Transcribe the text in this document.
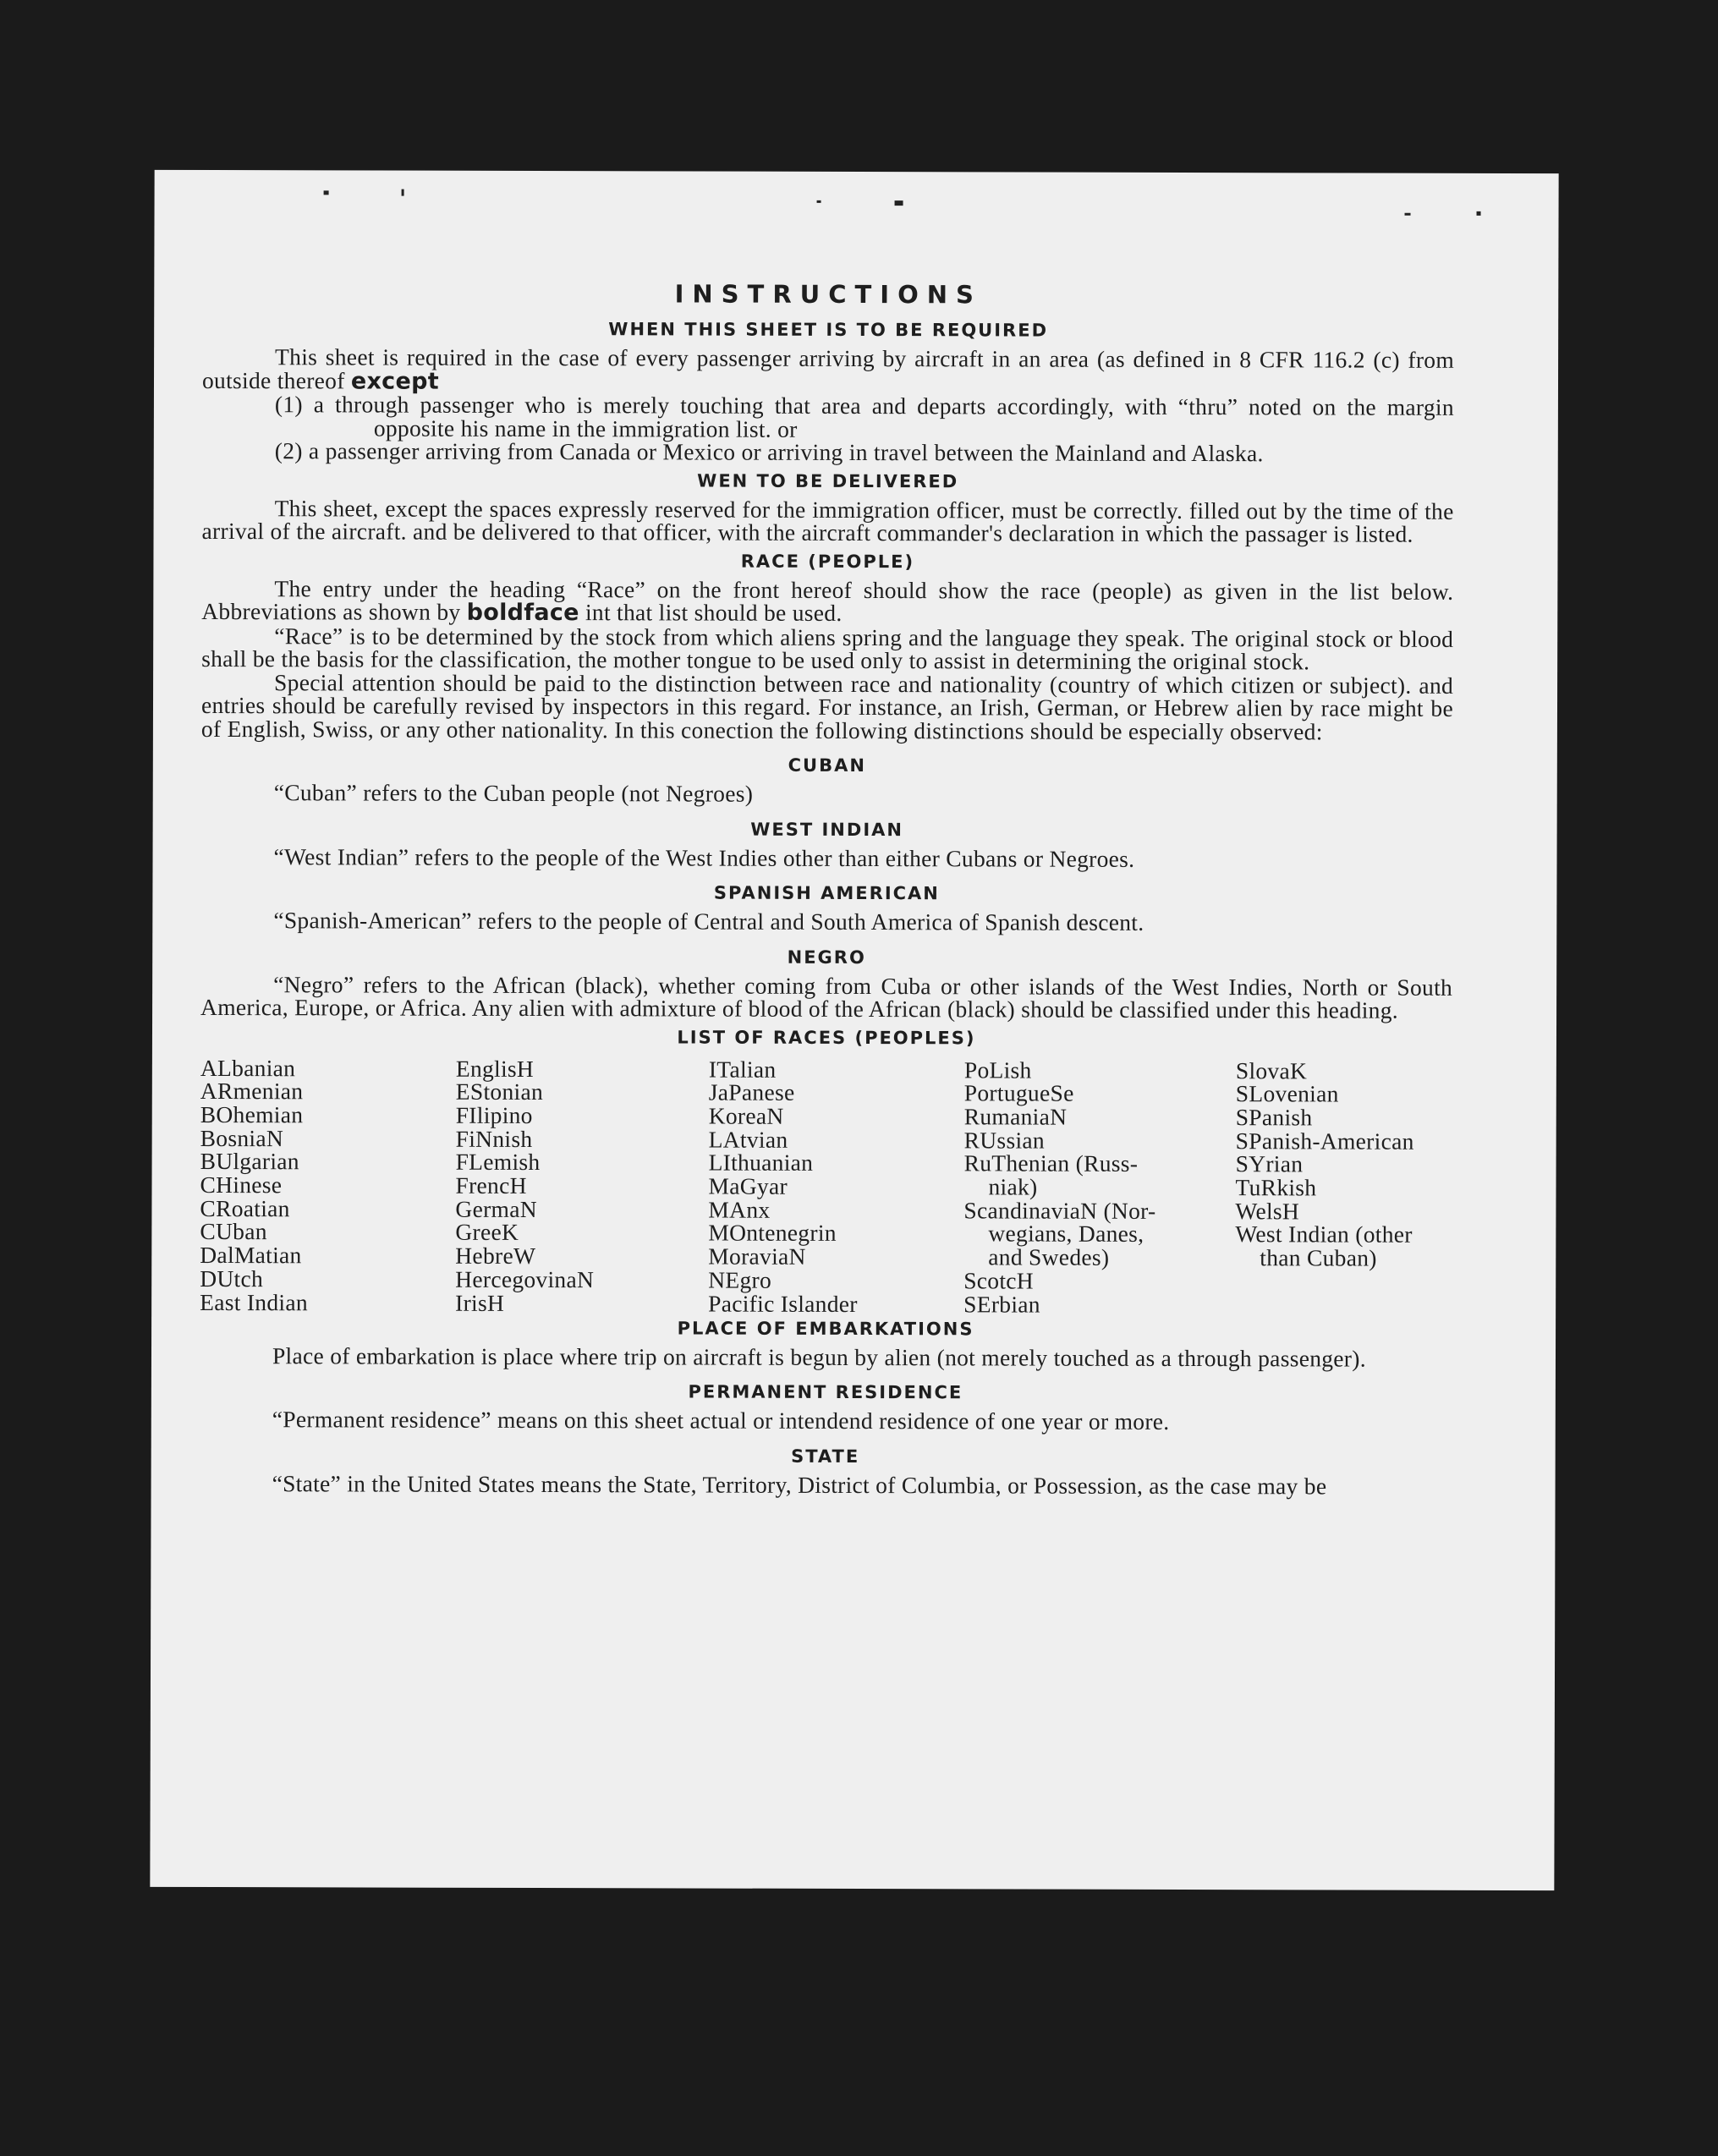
INSTRUCTIONS
WHEN THIS SHEET IS TO BE REQUIRED

This sheet is required in the case of every passenger arriving by aircraft in an area (as defined in 8 CFR 116.2 (c) from outside thereof except

(1) a through passenger who is merely touching that area and departs accordingly, with “thru” noted on the margin opposite his name in the immigration list. or

(2) a passenger arriving from Canada or Mexico or arriving in travel between the Mainland and Alaska.

WEN TO BE DELIVERED

This sheet, except the spaces expressly reserved for the immigration officer, must be correctly. filled out by the time of the arrival of the aircraft. and be delivered to that officer, with the aircraft commander's declaration in which the passager is listed.

RACE (PEOPLE)

The entry under the heading “Race” on the front hereof should show the race (people) as given in the list below. Abbreviations as shown by boldface int that list should be used.

“Race” is to be determined by the stock from which aliens spring and the language they speak. The original stock or blood shall be the basis for the classification, the mother tongue to be used only to assist in determining the original stock.

Special attention should be paid to the distinction between race and nationality (country of which citizen or subject). and entries should be carefully revised by inspectors in this regard. For instance, an Irish, German, or Hebrew alien by race might be of English, Swiss, or any other nationality. In this conection the following distinctions should be especially observed:

CUBAN

“Cuban” refers to the Cuban people (not Negroes)

WEST INDIAN

“West Indian” refers to the people of the West Indies other than either Cubans or Negroes.

SPANISH AMERICAN

“Spanish-American” refers to the people of Central and South America of Spanish descent.

NEGRO

“Negro” refers to the African (black), whether coming from Cuba or other islands of the West Indies, North or South America, Europe, or Africa. Any alien with admixture of blood of the African (black) should be classified under this heading.

LIST OF RACES (PEOPLES)
ALbanian
ARmenian
BOhemian
BosniaN
BUlgarian
CHinese
CRoatian
CUban
DalMatian
DUtch
East Indian
EnglisH
EStonian
FIlipino
FiNnish
FLemish
FrencH
GermaN
GreeK
HebreW
HercegovinaN
IrisH
ITalian
JaPanese
KoreaN
LAtvian
LIthuanian
MaGyar
MAnx
MOntenegrin
MoraviaN
NEgro
Pacific Islander
PoLish
PortugueSe
RumaniaN
RUssian
RuThenian (Russ-
niak)
ScandinaviaN (Nor-
wegians, Danes,
and Swedes)
ScotcH
SErbian
SlovaK
SLovenian
SPanish
SPanish-American
SYrian
TuRkish
WelsH
West Indian (other
than Cuban)
PLACE OF EMBARKATIONS

Place of embarkation is place where trip on aircraft is begun by alien (not merely touched as a through passenger).

PERMANENT RESIDENCE

“Permanent residence” means on this sheet actual or intendend residence of one year or more.

STATE

“State” in the United States means the State, Territory, District of Columbia, or Possession, as the case may be
